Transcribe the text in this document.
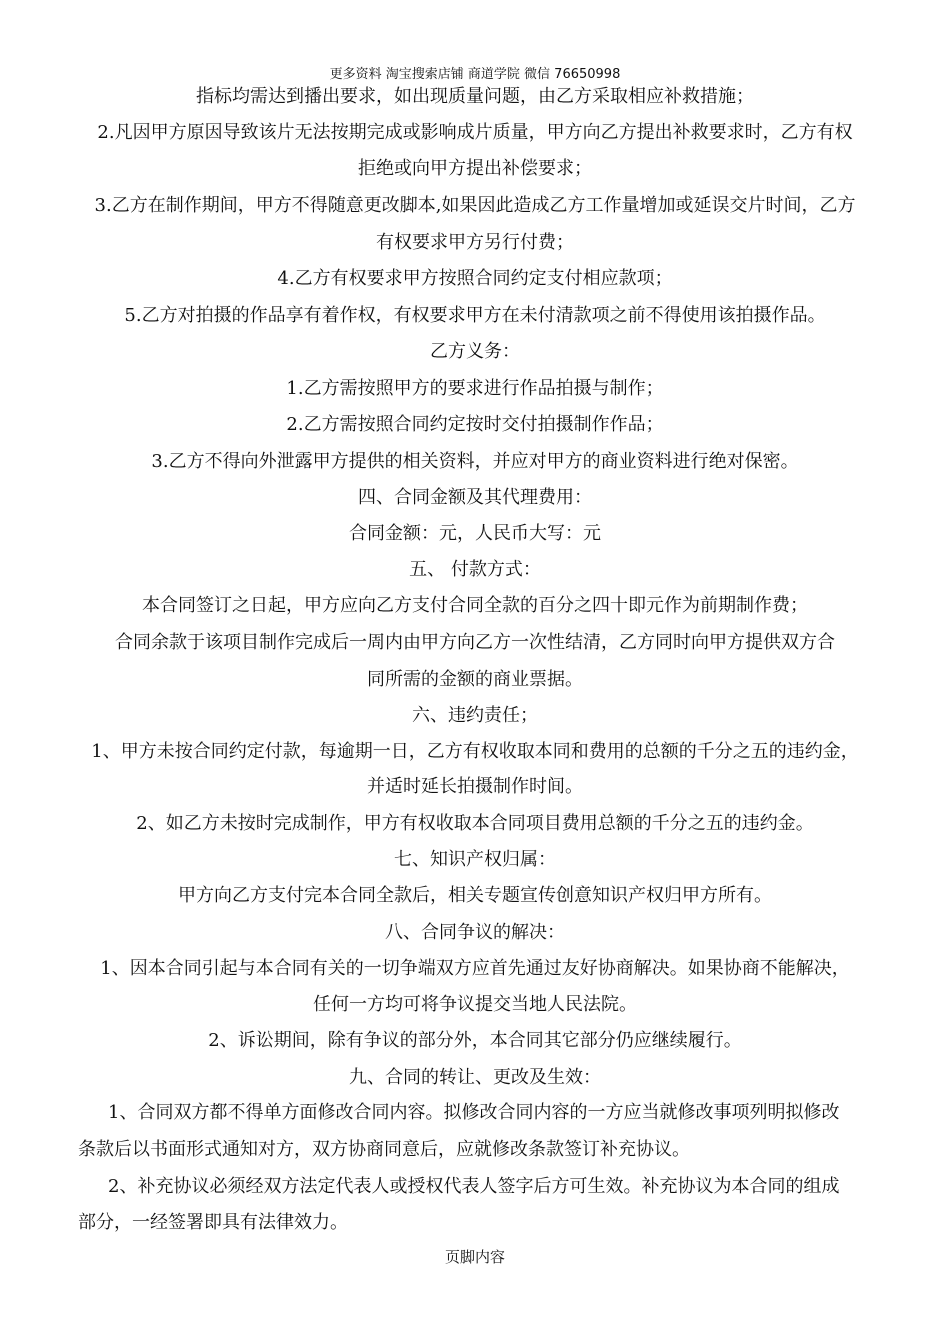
更多资料 淘宝搜索店铺 商道学院 微信 76650998
指标均需达到播出要求，如出现质量问题，由乙方采取相应补救措施；
2.凡因甲方原因导致该片无法按期完成或影响成片质量，甲方向乙方提出补救要求时，乙方有权
拒绝或向甲方提出补偿要求；
3.乙方在制作期间，甲方不得随意更改脚本,如果因此造成乙方工作量增加或延误交片时间，乙方
有权要求甲方另行付费；
4.乙方有权要求甲方按照合同约定支付相应款项；
5.乙方对拍摄的作品享有着作权，有权要求甲方在未付清款项之前不得使用该拍摄作品。
乙方义务：
1.乙方需按照甲方的要求进行作品拍摄与制作；
2.乙方需按照合同约定按时交付拍摄制作作品；
3.乙方不得向外泄露甲方提供的相关资料，并应对甲方的商业资料进行绝对保密。
四、合同金额及其代理费用：
合同金额：元，人民币大写：元
五、 付款方式：
本合同签订之日起，甲方应向乙方支付合同全款的百分之四十即元作为前期制作费；
合同余款于该项目制作完成后一周内由甲方向乙方一次性结清，乙方同时向甲方提供双方合
同所需的金额的商业票据。
六、违约责任；
1、甲方未按合同约定付款，每逾期一日，乙方有权收取本同和费用的总额的千分之五的违约金，
并适时延长拍摄制作时间。
2、如乙方未按时完成制作，甲方有权收取本合同项目费用总额的千分之五的违约金。
七、知识产权归属：
甲方向乙方支付完本合同全款后，相关专题宣传创意知识产权归甲方所有。
八、合同争议的解决：
1、因本合同引起与本合同有关的一切争端双方应首先通过友好协商解决。如果协商不能解决，
任何一方均可将争议提交当地人民法院。
2、诉讼期间，除有争议的部分外，本合同其它部分仍应继续履行。
九、合同的转让、更改及生效：
1、合同双方都不得单方面修改合同内容。拟修改合同内容的一方应当就修改事项列明拟修改
条款后以书面形式通知对方，双方协商同意后，应就修改条款签订补充协议。
2、补充协议必须经双方法定代表人或授权代表人签字后方可生效。补充协议为本合同的组成
部分，一经签署即具有法律效力。
页脚内容
